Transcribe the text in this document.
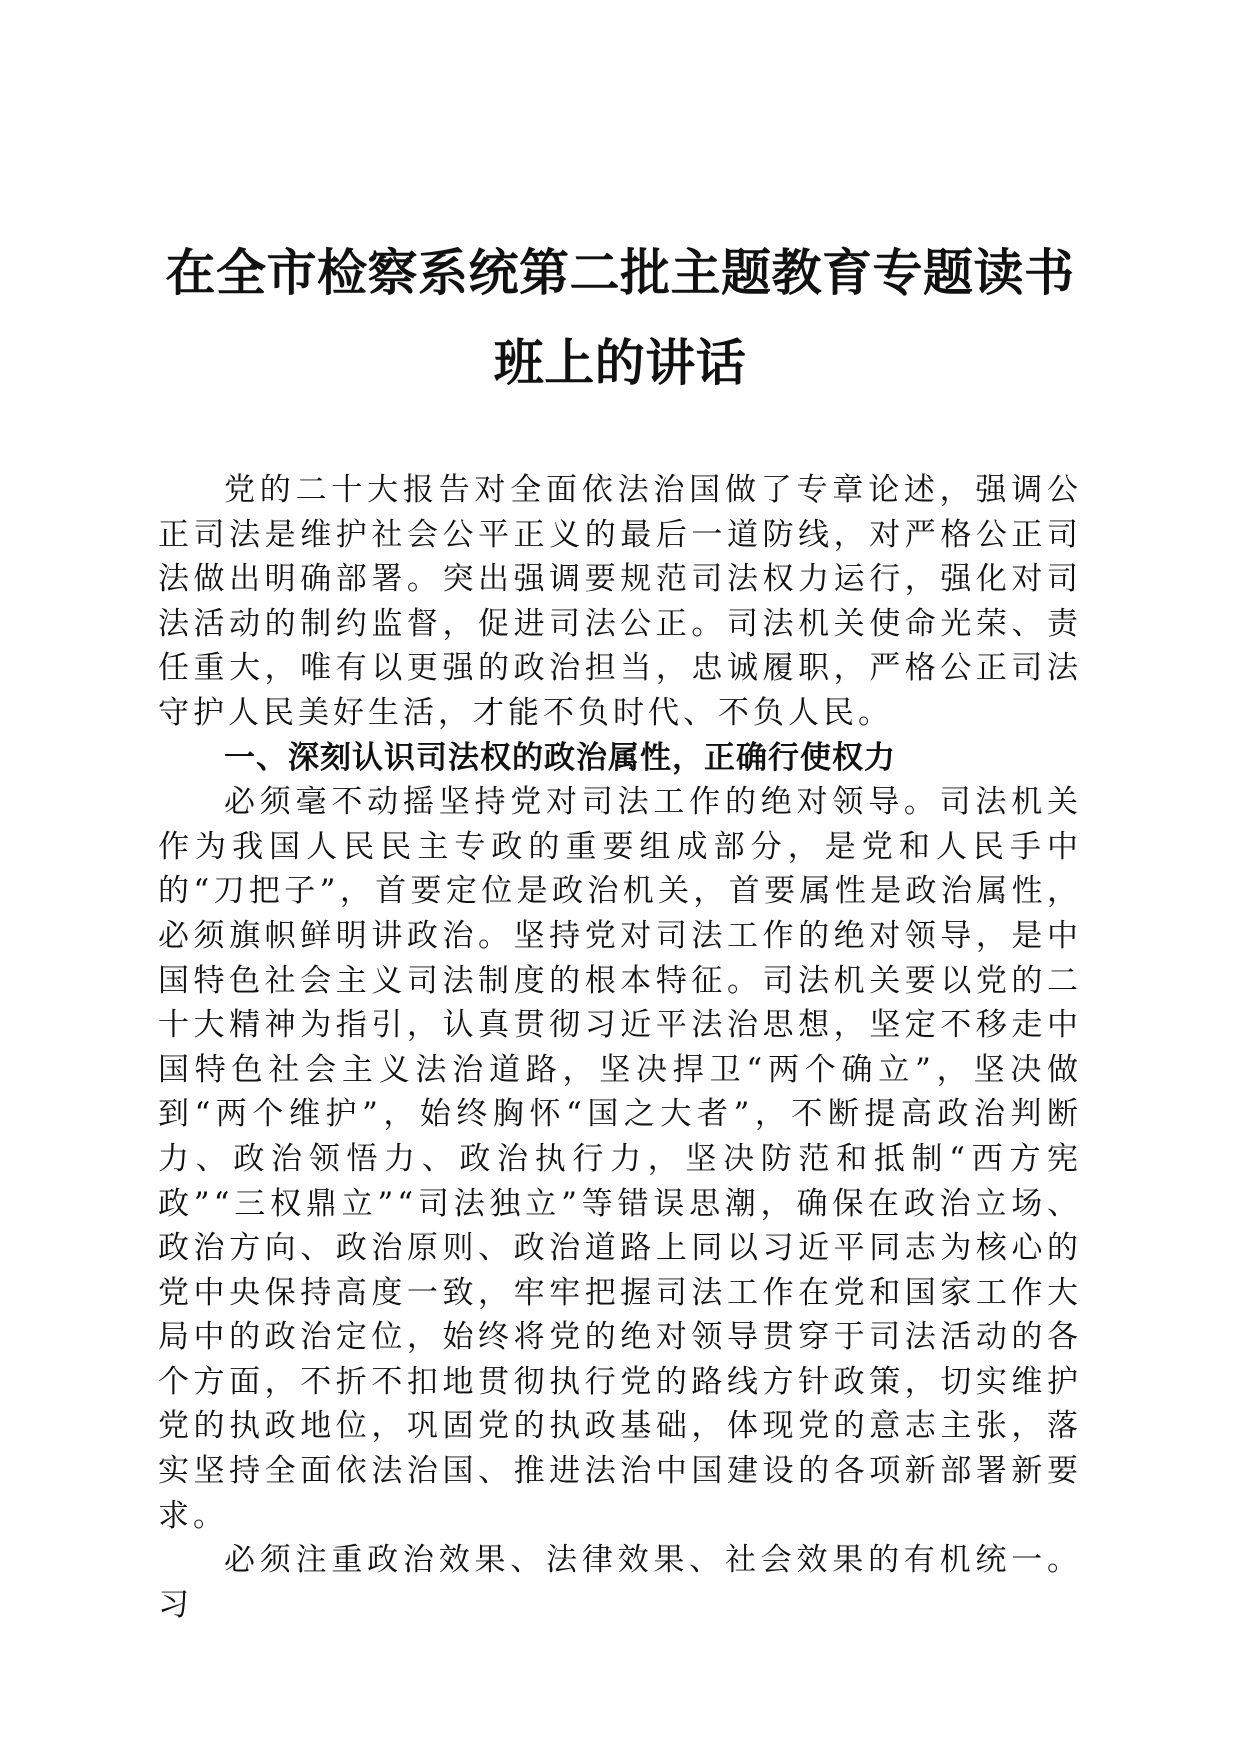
在全市检察系统第二批主题教育专题读书班上的讲话

党的二十大报告对全面依法治国做了专章论述，强调公正司法是维护社会公平正义的最后一道防线，对严格公正司法做出明确部署。突出强调要规范司法权力运行，强化对司法活动的制约监督，促进司法公正。司法机关使命光荣、责任重大，唯有以更强的政治担当，忠诚履职，严格公正司法守护人民美好生活，才能不负时代、不负人民。

一、深刻认识司法权的政治属性，正确行使权力

必须毫不动摇坚持党对司法工作的绝对领导。司法机关作为我国人民民主专政的重要组成部分，是党和人民手中的“刀把子”，首要定位是政治机关，首要属性是政治属性，必须旗帜鲜明讲政治。坚持党对司法工作的绝对领导，是中国特色社会主义司法制度的根本特征。司法机关要以党的二十大精神为指引，认真贯彻习近平法治思想，坚定不移走中国特色社会主义法治道路，坚决捍卫“两个确立”，坚决做到“两个维护”，始终胸怀“国之大者”，不断提高政治判断力、政治领悟力、政治执行力，坚决防范和抵制“西方宪政”“三权鼎立”“司法独立”等错误思潮，确保在政治立场、政治方向、政治原则、政治道路上同以习近平同志为核心的党中央保持高度一致，牢牢把握司法工作在党和国家工作大局中的政治定位，始终将党的绝对领导贯穿于司法活动的各个方面，不折不扣地贯彻执行党的路线方针政策，切实维护党的执政地位，巩固党的执政基础，体现党的意志主张，落实坚持全面依法治国、推进法治中国建设的各项新部署新要求。

必须注重政治效果、法律效果、社会效果的有机统一。习
